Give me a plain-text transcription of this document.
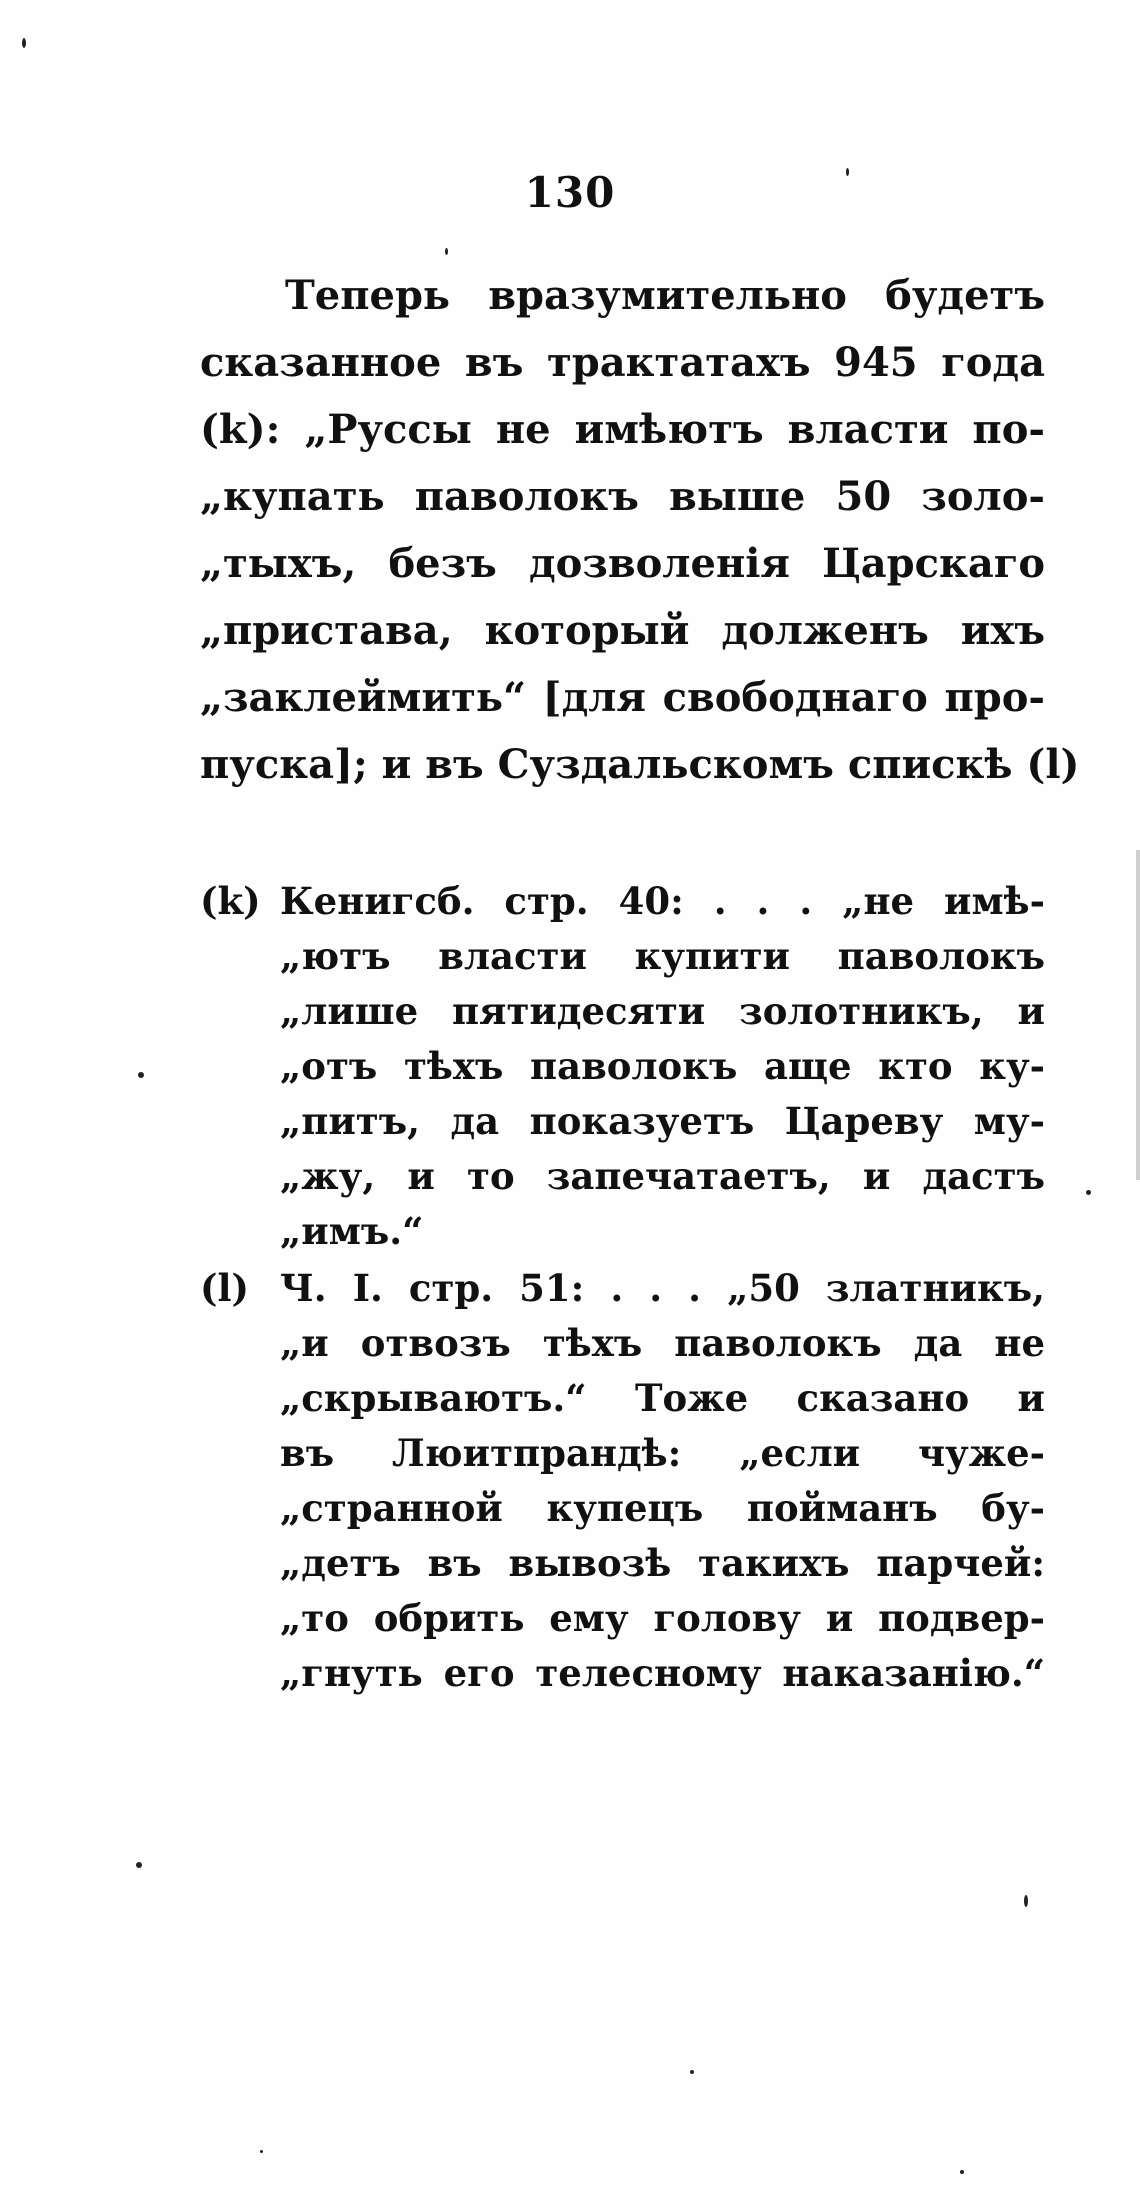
130
Теперь вразумительно будетъ
сказанное въ трактатахъ 945 года
(k): „Руссы не имѣютъ власти по-
„купать паволокъ выше 50 золо-
„тыхъ, безъ дозволенія Царскаго
„пристава, который долженъ ихъ
„заклеймить“ [для свободнаго про-
пуска]; и въ Суздальскомъ спискѣ (l)
(k) Кенигсб. стр. 40: . . . „не имѣ-
„ютъ власти купити паволокъ
„лише пятидесяти золотникъ, и
„отъ тѣхъ паволокъ аще кто ку-
„питъ, да показуетъ Цареву му-
„жу, и то запечатаетъ, и дастъ
„имъ.“
(l) Ч. I. стр. 51: . . . „50 златникъ,
„и отвозъ тѣхъ паволокъ да не
„скрываютъ.“ Тоже сказано и
въ Люитпрандѣ: „если чуже-
„странной купецъ пойманъ бу-
„детъ въ вывозѣ такихъ парчей:
„то обрить ему голову и подвер-
„гнуть его телесному наказанію.“
